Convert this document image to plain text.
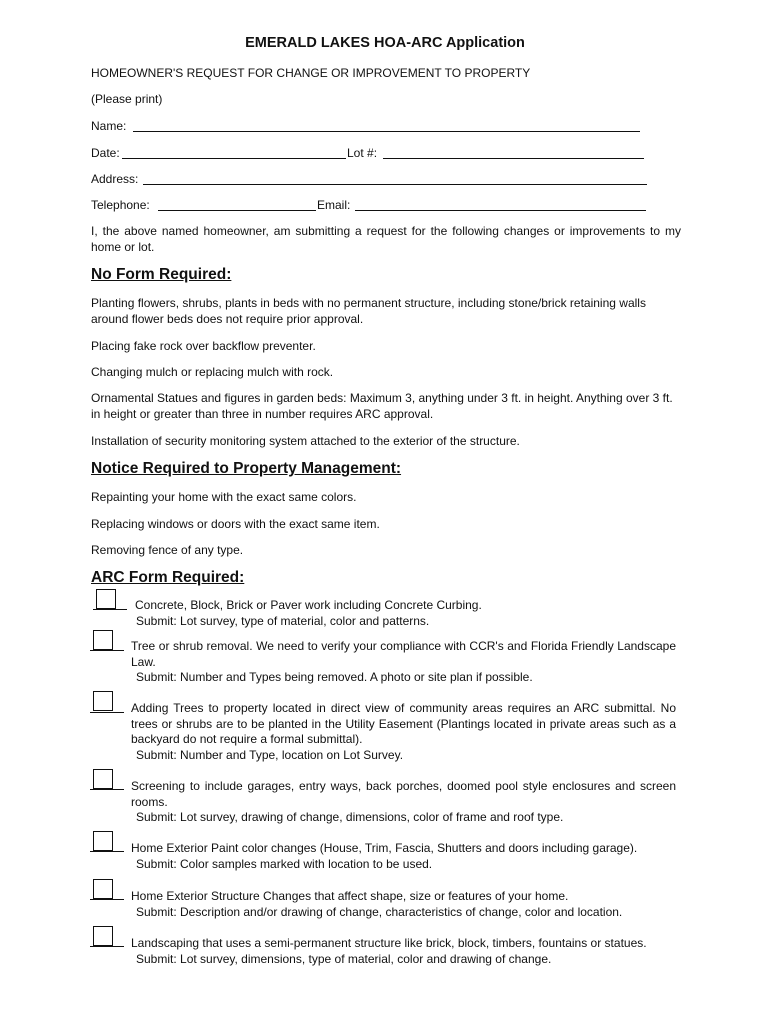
EMERALD LAKES HOA-ARC Application
HOMEOWNER'S REQUEST FOR CHANGE OR IMPROVEMENT TO PROPERTY
(Please print)
Name:
Date:	Lot #:
Address:
Telephone:	Email:
I, the above named homeowner, am submitting a request for the following changes or improvements to my home or lot.
No Form Required:
Planting flowers, shrubs, plants in beds with no permanent structure, including stone/brick retaining walls around flower beds does not require prior approval.
Placing fake rock over backflow preventer.
Changing mulch or replacing mulch with rock.
Ornamental Statues and figures in garden beds: Maximum 3, anything under 3 ft. in height. Anything over 3 ft. in height or greater than three in number requires ARC approval.
Installation of security monitoring system attached to the exterior of the structure.
Notice Required to Property Management:
Repainting your home with the exact same colors.
Replacing windows or doors with the exact same item.
Removing fence of any type.
ARC Form Required:
Concrete, Block, Brick or Paver work including Concrete Curbing.
Submit: Lot survey, type of material, color and patterns.
Tree or shrub removal. We need to verify your compliance with CCR's and Florida Friendly Landscape Law.
Submit: Number and Types being removed. A photo or site plan if possible.
Adding Trees to property located in direct view of community areas requires an ARC submittal. No trees or shrubs are to be planted in the Utility Easement (Plantings located in private areas such as a backyard do not require a formal submittal).
Submit: Number and Type, location on Lot Survey.
Screening to include garages, entry ways, back porches, doomed pool style enclosures and screen rooms.
Submit: Lot survey, drawing of change, dimensions, color of frame and roof type.
Home Exterior Paint color changes (House, Trim, Fascia, Shutters and doors including garage).
Submit: Color samples marked with location to be used.
Home Exterior Structure Changes that affect shape, size or features of your home.
Submit: Description and/or drawing of change, characteristics of change, color and location.
Landscaping that uses a semi-permanent structure like brick, block, timbers, fountains or statues.
Submit: Lot survey, dimensions, type of material, color and drawing of change.
